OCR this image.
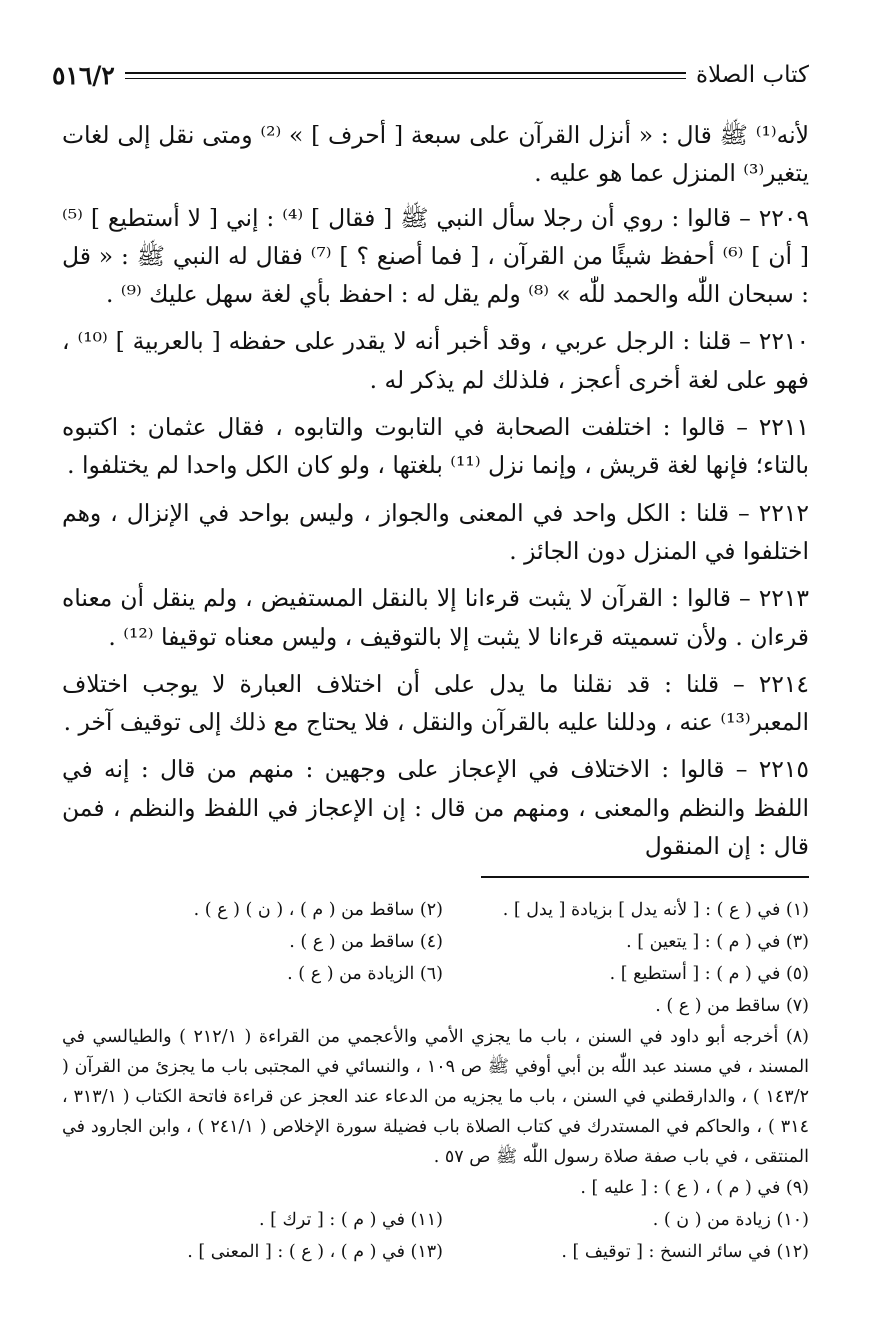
كتاب الصلاة
٥١٦/٢

لأنه⁽¹⁾ ﷺ قال : « أنزل القرآن على سبعة [ أحرف ] » ⁽²⁾ ومتى نقل إلى لغات يتغير⁽³⁾ المنزل عما هو عليه .

٢٢٠٩ – قالوا : روي أن رجلا سأل النبي ﷺ [ فقال ] ⁽⁴⁾ : إني [ لا أستطيع ] ⁽⁵⁾ [ أن ] ⁽⁶⁾ أحفظ شيئًا من القرآن ، [ فما أصنع ؟ ] ⁽⁷⁾ فقال له النبي ﷺ : « قل : سبحان اللّٰه والحمد للّٰه » ⁽⁸⁾ ولم يقل له : احفظ بأي لغة سهل عليك ⁽⁹⁾ .

٢٢١٠ – قلنا : الرجل عربي ، وقد أخبر أنه لا يقدر على حفظه [ بالعربية ] ⁽¹⁰⁾ ، فهو على لغة أخرى أعجز ، فلذلك لم يذكر له .

٢٢١١ – قالوا : اختلفت الصحابة في التابوت والتابوه ، فقال عثمان : اكتبوه بالتاء؛ فإنها لغة قريش ، وإنما نزل ⁽¹¹⁾ بلغتها ، ولو كان الكل واحدا لم يختلفوا .

٢٢١٢ – قلنا : الكل واحد في المعنى والجواز ، وليس بواحد في الإنزال ، وهم اختلفوا في المنزل دون الجائز .

٢٢١٣ – قالوا : القرآن لا يثبت قرءانا إلا بالنقل المستفيض ، ولم ينقل أن معناه قرءان . ولأن تسميته قرءانا لا يثبت إلا بالتوقيف ، وليس معناه توقيفا ⁽¹²⁾ .

٢٢١٤ – قلنا : قد نقلنا ما يدل على أن اختلاف العبارة لا يوجب اختلاف المعبر⁽¹³⁾ عنه ، ودللنا عليه بالقرآن والنقل ، فلا يحتاج مع ذلك إلى توقيف آخر .

٢٢١٥ – قالوا : الاختلاف في الإعجاز على وجهين : منهم من قال : إنه في اللفظ والنظم والمعنى ، ومنهم من قال : إن الإعجاز في اللفظ والنظم ، فمن قال : إن المنقول

(١) في ( ع ) : [ لأنه يدل ] بزيادة [ يدل ] .
(٢) ساقط من ( م ) ، ( ن ) ( ع ) .
(٣) في ( م ) : [ يتعين ] .
(٤) ساقط من ( ع ) .
(٥) في ( م ) : [ أستطيع ] .
(٦) الزيادة من ( ع ) .
(٧) ساقط من ( ع ) .
(٨) أخرجه أبو داود في السنن ، باب ما يجزي الأمي والأعجمي من القراءة ( ٢١٢/١ ) والطيالسي في المسند ، في مسند عبد اللّٰه بن أبي أوفي ﷺ ص ١٠٩ ، والنسائي في المجتبى باب ما يجزئ من القرآن ( ١٤٣/٢ ) ، والدارقطني في السنن ، باب ما يجزيه من الدعاء عند العجز عن قراءة فاتحة الكتاب ( ٣١٣/١ ، ٣١٤ ) ، والحاكم في المستدرك في كتاب الصلاة باب فضيلة سورة الإخلاص ( ٢٤١/١ ) ، وابن الجارود في المنتقى ، في باب صفة صلاة رسول اللّٰه ﷺ ص ٥٧ .
(٩) في ( م ) ، ( ع ) : [ عليه ] .
(١٠) زيادة من ( ن ) .
(١١) في ( م ) : [ ترك ] .
(١٢) في سائر النسخ : [ توقيف ] .
(١٣) في ( م ) ، ( ع ) : [ المعنى ] .
